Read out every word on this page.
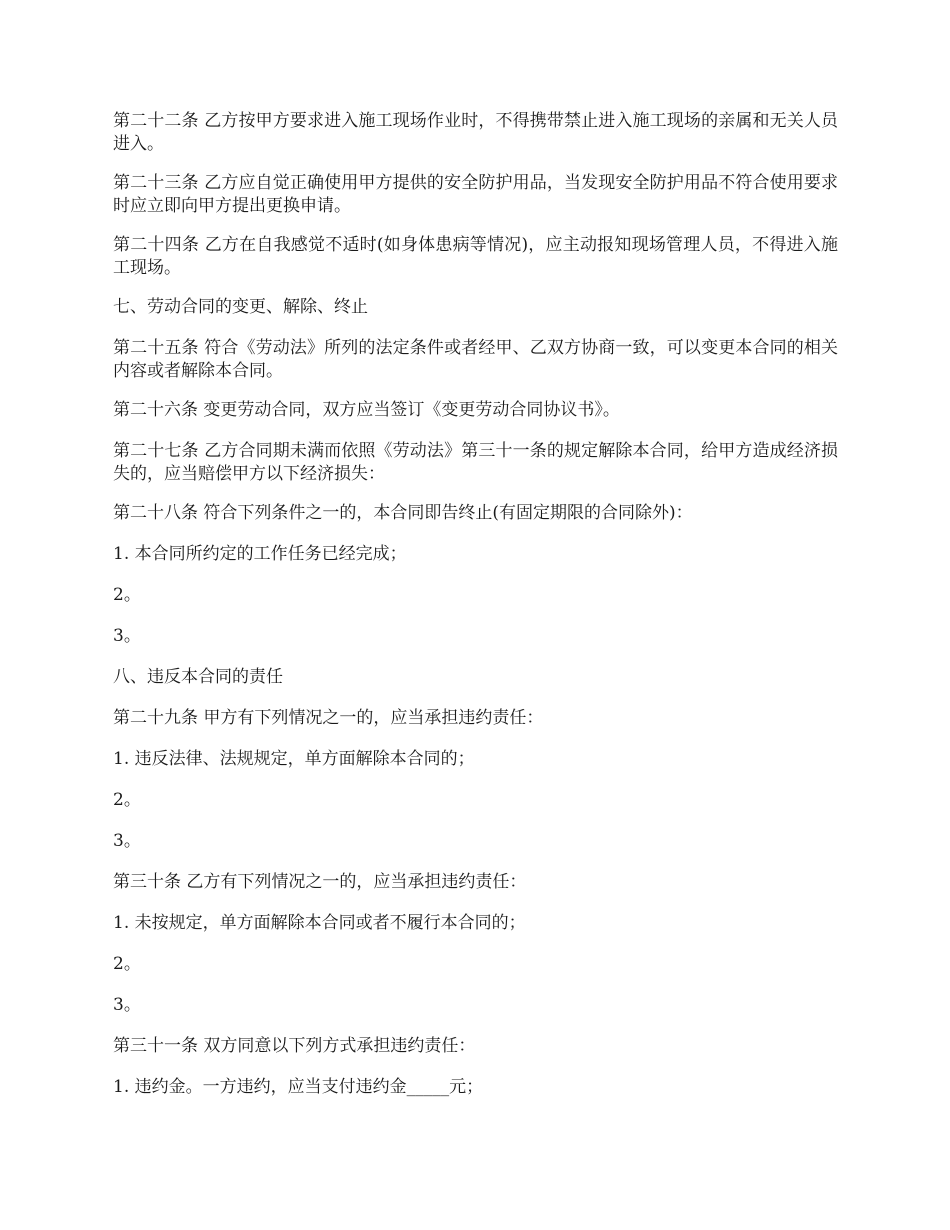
第二十二条 乙方按甲方要求进入施工现场作业时，不得携带禁止进入施工现场的亲属和无关人员进入。

第二十三条 乙方应自觉正确使用甲方提供的安全防护用品，当发现安全防护用品不符合使用要求时应立即向甲方提出更换申请。

第二十四条 乙方在自我感觉不适时(如身体患病等情况)，应主动报知现场管理人员，不得进入施工现场。

七、劳动合同的变更、解除、终止

第二十五条 符合《劳动法》所列的法定条件或者经甲、乙双方协商一致，可以变更本合同的相关内容或者解除本合同。

第二十六条 变更劳动合同，双方应当签订《变更劳动合同协议书》。

第二十七条 乙方合同期未满而依照《劳动法》第三十一条的规定解除本合同，给甲方造成经济损失的，应当赔偿甲方以下经济损失：

第二十八条 符合下列条件之一的，本合同即告终止(有固定期限的合同除外)：

1. 本合同所约定的工作任务已经完成；

2。

3。

八、违反本合同的责任

第二十九条 甲方有下列情况之一的，应当承担违约责任：

1. 违反法律、法规规定，单方面解除本合同的；

2。

3。

第三十条 乙方有下列情况之一的，应当承担违约责任：

1. 未按规定，单方面解除本合同或者不履行本合同的；

2。

3。

第三十一条 双方同意以下列方式承担违约责任：

1. 违约金。一方违约，应当支付违约金_____元；
